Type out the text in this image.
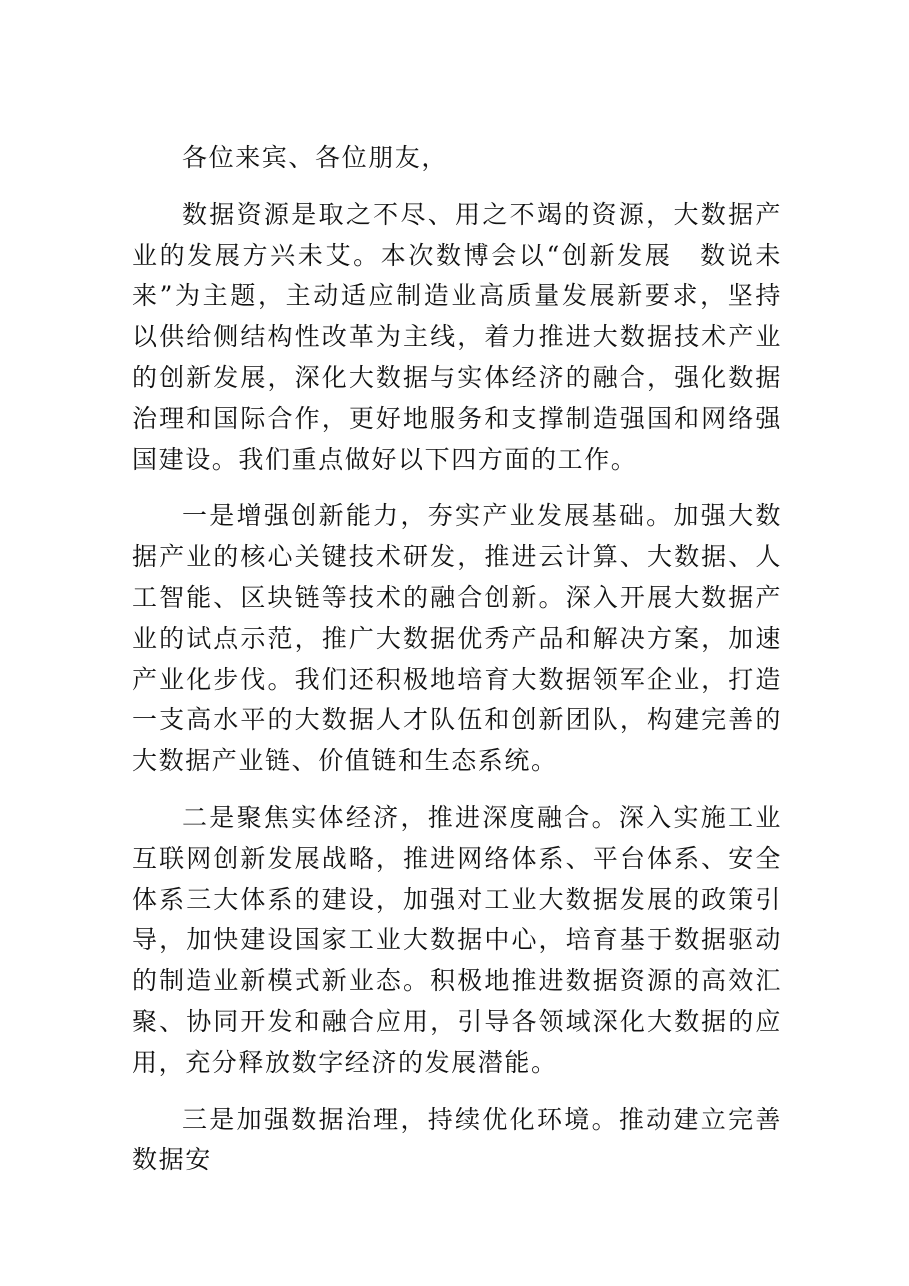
各位来宾、各位朋友，

数据资源是取之不尽、用之不竭的资源，大数据产业的发展方兴未艾。本次数博会以“创新发展　数说未来”为主题，主动适应制造业高质量发展新要求，坚持以供给侧结构性改革为主线，着力推进大数据技术产业的创新发展，深化大数据与实体经济的融合，强化数据治理和国际合作，更好地服务和支撑制造强国和网络强国建设。我们重点做好以下四方面的工作。

一是增强创新能力，夯实产业发展基础。加强大数据产业的核心关键技术研发，推进云计算、大数据、人工智能、区块链等技术的融合创新。深入开展大数据产业的试点示范，推广大数据优秀产品和解决方案，加速产业化步伐。我们还积极地培育大数据领军企业，打造一支高水平的大数据人才队伍和创新团队，构建完善的大数据产业链、价值链和生态系统。

二是聚焦实体经济，推进深度融合。深入实施工业互联网创新发展战略，推进网络体系、平台体系、安全体系三大体系的建设，加强对工业大数据发展的政策引导，加快建设国家工业大数据中心，培育基于数据驱动的制造业新模式新业态。积极地推进数据资源的高效汇聚、协同开发和融合应用，引导各领域深化大数据的应用，充分释放数字经济的发展潜能。

三是加强数据治理，持续优化环境。推动建立完善数据安
